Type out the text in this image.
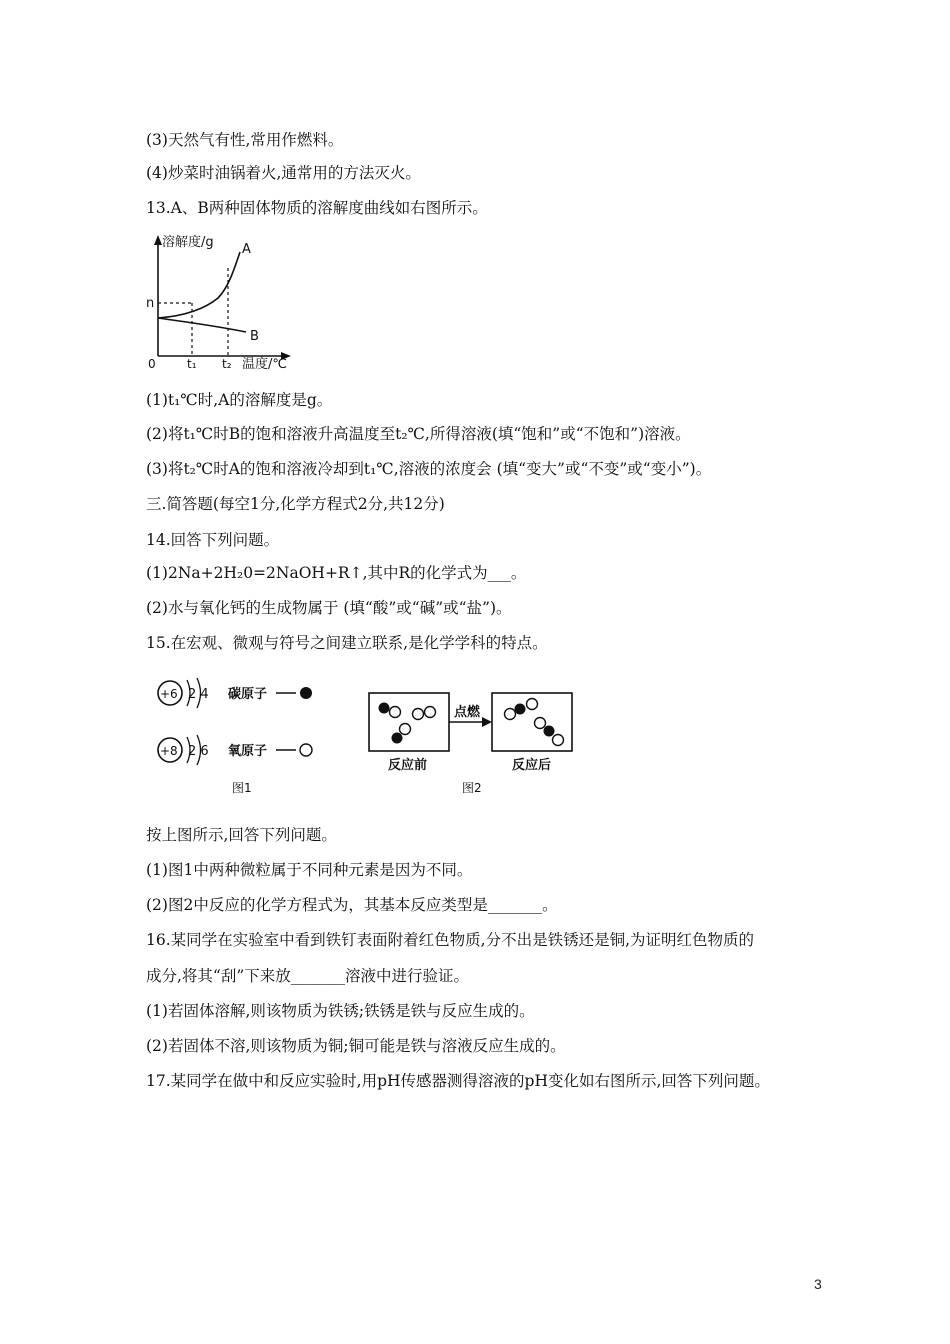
(3)天然气有性,常用作燃料。
(4)炒菜时油锅着火,通常用的方法灭火。
13.A、B两种固体物质的溶解度曲线如右图所示。
溶解度/g
温度/℃
0
n
t₁ t₂
A
B
(1)t₁℃时,A的溶解度是g。
(2)将t₁℃时B的饱和溶液升高温度至t₂℃,所得溶液(填“饱和”或“不饱和”)溶液。
(3)将t₂℃时A的饱和溶液冷却到t₁℃,溶液的浓度会 (填“变大”或“不变”或“变小”)。
三.简答题(每空1分,化学方程式2分,共12分)
14.回答下列问题。
(1)2Na+2H₂0=2NaOH+R↑,其中R的化学式为___。
(2)水与氧化钙的生成物属于 (填“酸”或“碱”或“盐”)。
15.在宏观、微观与符号之间建立联系,是化学学科的特点。
+6 2 4 碳原子
+8 2 6 氧原子
图1
点燃
反应前	反应后
图2
按上图所示,回答下列问题。
(1)图1中两种微粒属于不同种元素是因为不同。
(2)图2中反应的化学方程式为，其基本反应类型是_______。
16.某同学在实验室中看到铁钉表面附着红色物质,分不出是铁锈还是铜,为证明红色物质的
成分,将其“刮”下来放_______溶液中进行验证。
(1)若固体溶解,则该物质为铁锈;铁锈是铁与反应生成的。
(2)若固体不溶,则该物质为铜;铜可能是铁与溶液反应生成的。
17.某同学在做中和反应实验时,用pH传感器测得溶液的pH变化如右图所示,回答下列问题。
3
